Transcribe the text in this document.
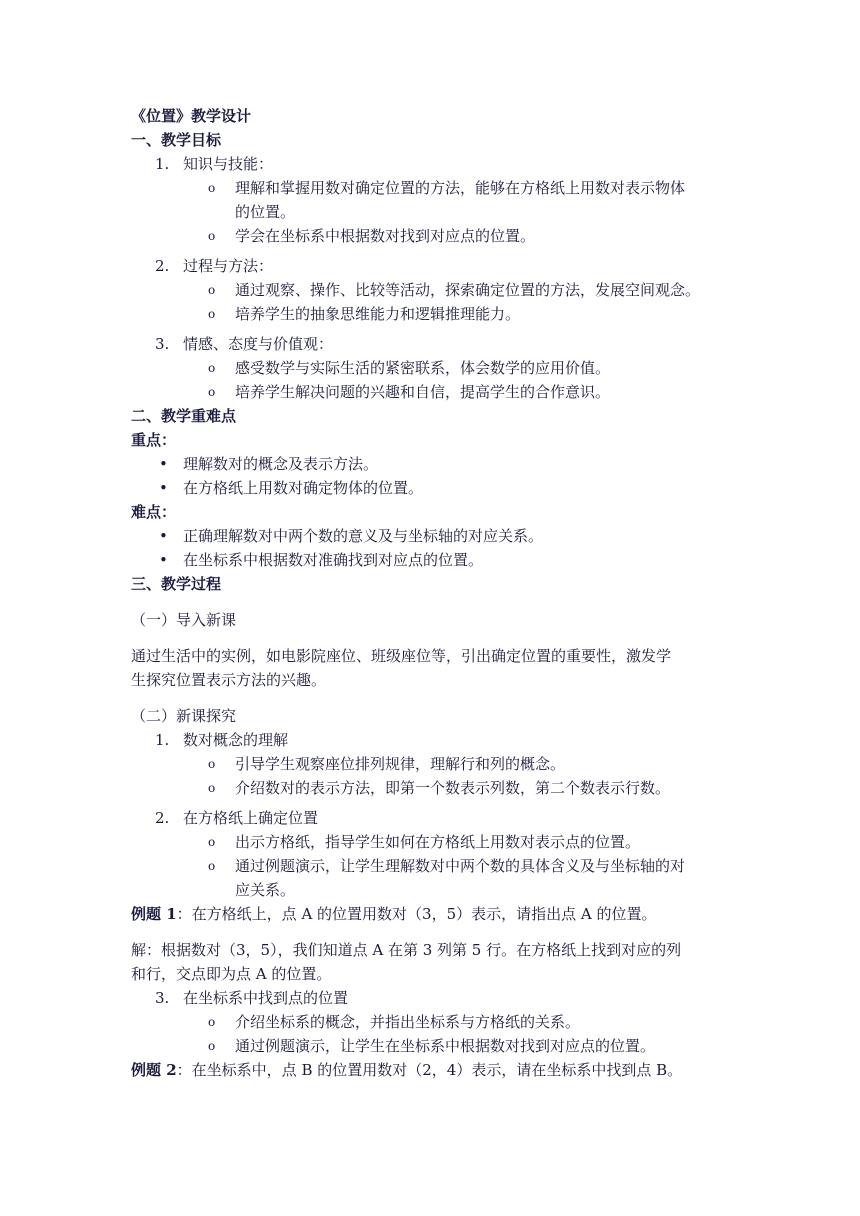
《位置》教学设计
一、教学目标
1. 知识与技能：
o 理解和掌握用数对确定位置的方法，能够在方格纸上用数对表示物体
的位置。
o 学会在坐标系中根据数对找到对应点的位置。
2. 过程与方法：
o 通过观察、操作、比较等活动，探索确定位置的方法，发展空间观念。
o 培养学生的抽象思维能力和逻辑推理能力。
3. 情感、态度与价值观：
o 感受数学与实际生活的紧密联系，体会数学的应用价值。
o 培养学生解决问题的兴趣和自信，提高学生的合作意识。
二、教学重难点
重点：
• 理解数对的概念及表示方法。
• 在方格纸上用数对确定物体的位置。
难点：
• 正确理解数对中两个数的意义及与坐标轴的对应关系。
• 在坐标系中根据数对准确找到对应点的位置。
三、教学过程
（一）导入新课
通过生活中的实例，如电影院座位、班级座位等，引出确定位置的重要性，激发学
生探究位置表示方法的兴趣。
（二）新课探究
1. 数对概念的理解
o 引导学生观察座位排列规律，理解行和列的概念。
o 介绍数对的表示方法，即第一个数表示列数，第二个数表示行数。
2. 在方格纸上确定位置
o 出示方格纸，指导学生如何在方格纸上用数对表示点的位置。
o 通过例题演示，让学生理解数对中两个数的具体含义及与坐标轴的对
应关系。
例题 1：在方格纸上，点 A 的位置用数对（3，5）表示，请指出点 A 的位置。
解：根据数对（3，5），我们知道点 A 在第 3 列第 5 行。在方格纸上找到对应的列
和行，交点即为点 A 的位置。
3. 在坐标系中找到点的位置
o 介绍坐标系的概念，并指出坐标系与方格纸的关系。
o 通过例题演示，让学生在坐标系中根据数对找到对应点的位置。
例题 2：在坐标系中，点 B 的位置用数对（2，4）表示，请在坐标系中找到点 B。
